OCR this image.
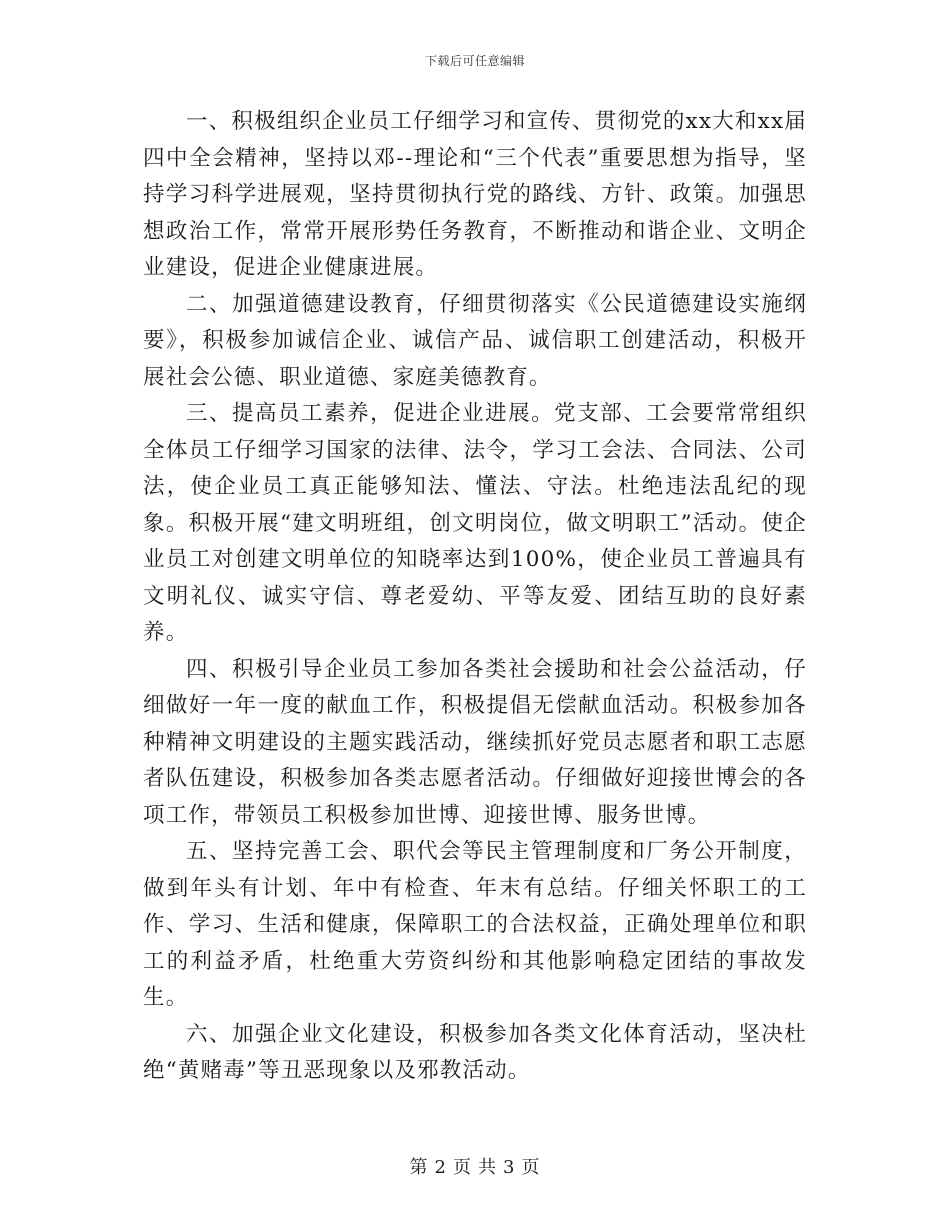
下载后可任意编辑

一、积极组织企业员工仔细学习和宣传、贯彻党的xx大和xx届四中全会精神，坚持以邓--理论和“三个代表”重要思想为指导，坚持学习科学进展观，坚持贯彻执行党的路线、方针、政策。加强思想政治工作，常常开展形势任务教育，不断推动和谐企业、文明企业建设，促进企业健康进展。

二、加强道德建设教育，仔细贯彻落实《公民道德建设实施纲要》，积极参加诚信企业、诚信产品、诚信职工创建活动，积极开展社会公德、职业道德、家庭美德教育。

三、提高员工素养，促进企业进展。党支部、工会要常常组织全体员工仔细学习国家的法律、法令，学习工会法、合同法、公司法，使企业员工真正能够知法、懂法、守法。杜绝违法乱纪的现象。积极开展“建文明班组，创文明岗位，做文明职工”活动。使企业员工对创建文明单位的知晓率达到100%，使企业员工普遍具有文明礼仪、诚实守信、尊老爱幼、平等友爱、团结互助的良好素养。

四、积极引导企业员工参加各类社会援助和社会公益活动，仔细做好一年一度的献血工作，积极提倡无偿献血活动。积极参加各种精神文明建设的主题实践活动，继续抓好党员志愿者和职工志愿者队伍建设，积极参加各类志愿者活动。仔细做好迎接世博会的各项工作，带领员工积极参加世博、迎接世博、服务世博。

五、坚持完善工会、职代会等民主管理制度和厂务公开制度，做到年头有计划、年中有检查、年末有总结。仔细关怀职工的工作、学习、生活和健康，保障职工的合法权益，正确处理单位和职工的利益矛盾，杜绝重大劳资纠纷和其他影响稳定团结的事故发生。

六、加强企业文化建设，积极参加各类文化体育活动，坚决杜绝“黄赌毒”等丑恶现象以及邪教活动。

第 2 页 共 3 页
